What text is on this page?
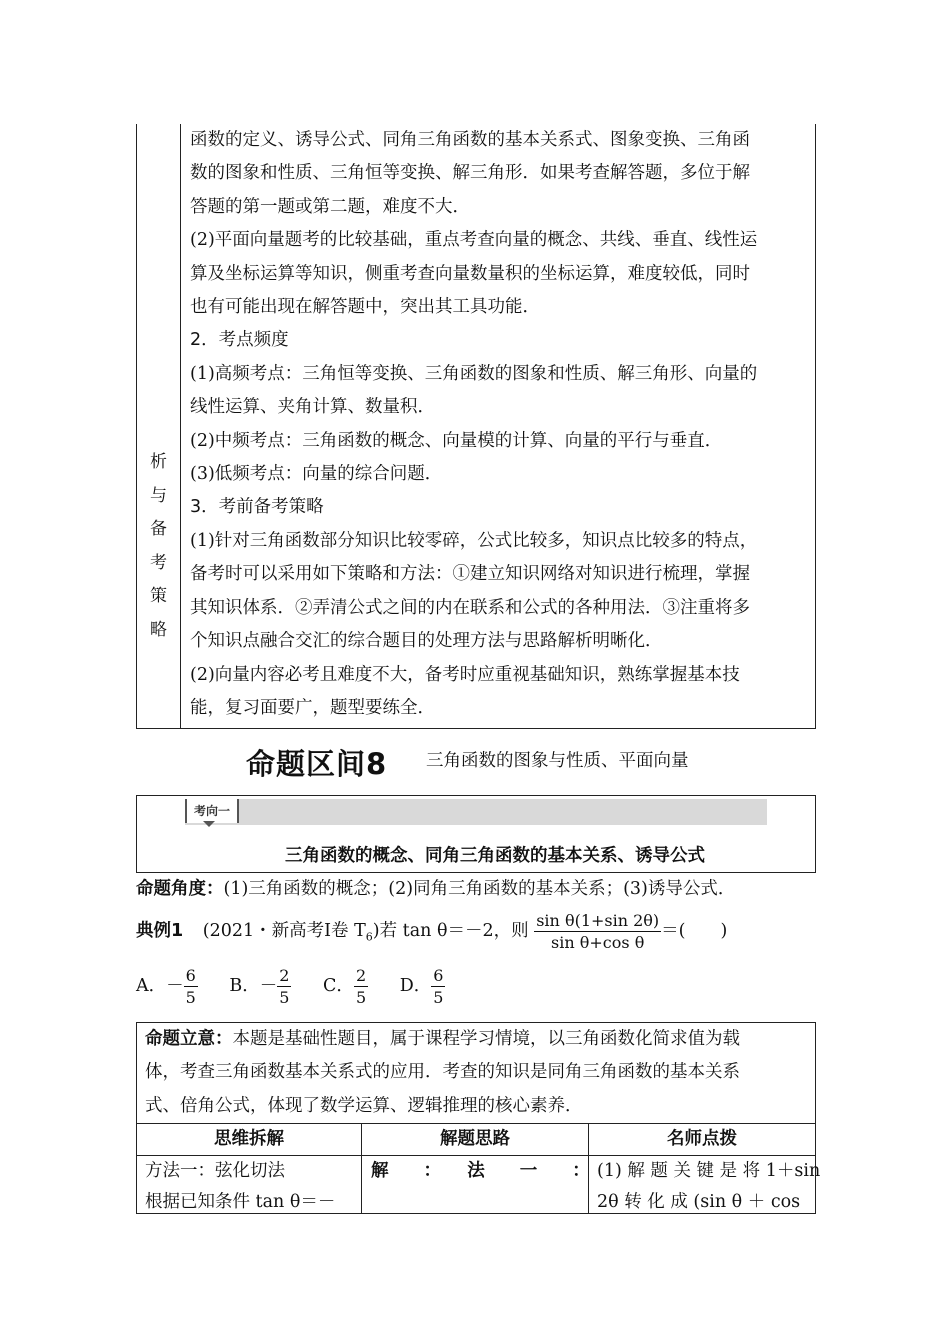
析
与
备
考
策
略

函数的定义、诱导公式、同角三角函数的基本关系式、图象变换、三角函

数的图象和性质、三角恒等变换、解三角形．如果考查解答题，多位于解

答题的第一题或第二题，难度不大．

(2)平面向量题考的比较基础，重点考查向量的概念、共线、垂直、线性运

算及坐标运算等知识，侧重考查向量数量积的坐标运算，难度较低，同时

也有可能出现在解答题中，突出其工具功能．

2．考点频度

(1)高频考点：三角恒等变换、三角函数的图象和性质、解三角形、向量的

线性运算、夹角计算、数量积．

(2)中频考点：三角函数的概念、向量模的计算、向量的平行与垂直．

(3)低频考点：向量的综合问题．

3．考前备考策略

(1)针对三角函数部分知识比较零碎，公式比较多，知识点比较多的特点，

备考时可以采用如下策略和方法：①建立知识网络对知识进行梳理，掌握

其知识体系．②弄清公式之间的内在联系和公式的各种用法．③注重将多

个知识点融合交汇的综合题目的处理方法与思路解析明晰化．

(2)向量内容必考且难度不大，备考时应重视基础知识，熟练掌握基本技

能，复习面要广，题型要练全．

命题区间8 三角函数的图象与性质、平面向量
考向一
三角函数的概念、同角三角函数的基本关系、诱导公式
命题角度：(1)三角函数的概念；(2)同角三角函数的基本关系；(3)诱导公式．
典例1 (2021・新高考Ⅰ卷 $T_6$)若 tan θ＝－2，则 $\frac{\text{sin θ(1+sin 2θ)}}{\text{sin θ+cos θ}}$ ＝(　　)
A．－ $\frac{6}{5}$ B．－ $\frac{2}{5}$ C． $\frac{2}{5}$ D． $\frac{6}{5}$

命题立意：本题是基础性题目，属于课程学习情境，以三角函数化简求值为载

体，考查三角函数基本关系式的应用．考查的知识是同角三角函数的基本关系

式、倍角公式，体现了数学运算、逻辑推理的核心素养．

思维拆解	解题思路	名师点拨
方法一：弦化切法
根据已知条件 tan θ＝－
解　　：　　法　　一　　： (1) 解 题 关 键 是 将 1＋sin
2θ 转 化 成 (sin θ ＋ cos
